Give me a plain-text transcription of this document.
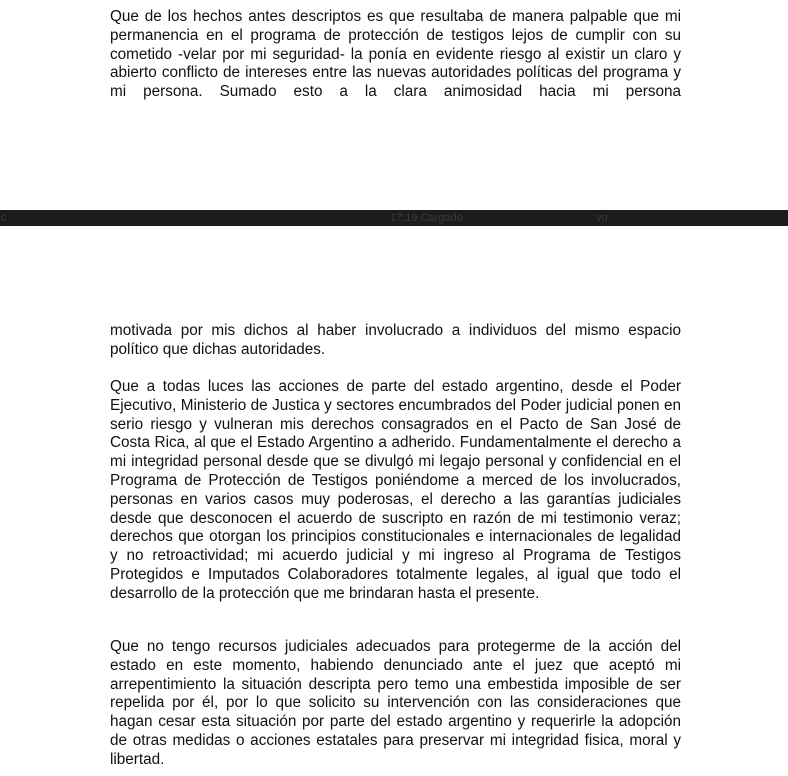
Que de los hechos antes descriptos es que resultaba de manera palpable que mi permanencia en el programa de protección de testigos lejos de cumplir con su cometido -velar por mi seguridad- la ponía en evidente riesgo al existir un claro y abierto conflicto de intereses entre las nuevas autoridades políticas del programa y mi persona. Sumado esto a la clara animosidad hacia mi persona

c	17:19 Cargado	vo

motivada por mis dichos al haber involucrado a individuos del mismo espacio político que dichas autoridades.

Que a todas luces las acciones de parte del estado argentino, desde el Poder Ejecutivo, Ministerio de Justica y sectores encumbrados del Poder judicial ponen en serio riesgo y vulneran mis derechos consagrados en el Pacto de San José de Costa Rica, al que el Estado Argentino a adherido. Fundamentalmente el derecho a mi integridad personal desde que se divulgó mi legajo personal y confidencial en el Programa de Protección de Testigos poniéndome a merced de los involucrados, personas en varios casos muy poderosas, el derecho a las garantías judiciales desde que desconocen el acuerdo de suscripto en razón de mi testimonio veraz; derechos que otorgan los principios constitucionales e internacionales de legalidad y no retroactividad; mi acuerdo judicial y mi ingreso al Programa de Testigos Protegidos e Imputados Colaboradores totalmente legales, al igual que todo el desarrollo de la protección que me brindaran hasta el presente.

Que no tengo recursos judiciales adecuados para protegerme de la acción del estado en este momento, habiendo denunciado ante el juez que aceptó mi arrepentimiento la situación descripta pero temo una embestida imposible de ser repelida por él, por lo que solicito su intervención con las consideraciones que hagan cesar esta situación por parte del estado argentino y requerirle la adopción de otras medidas o acciones estatales para preservar mi integridad fisica, moral y libertad.
